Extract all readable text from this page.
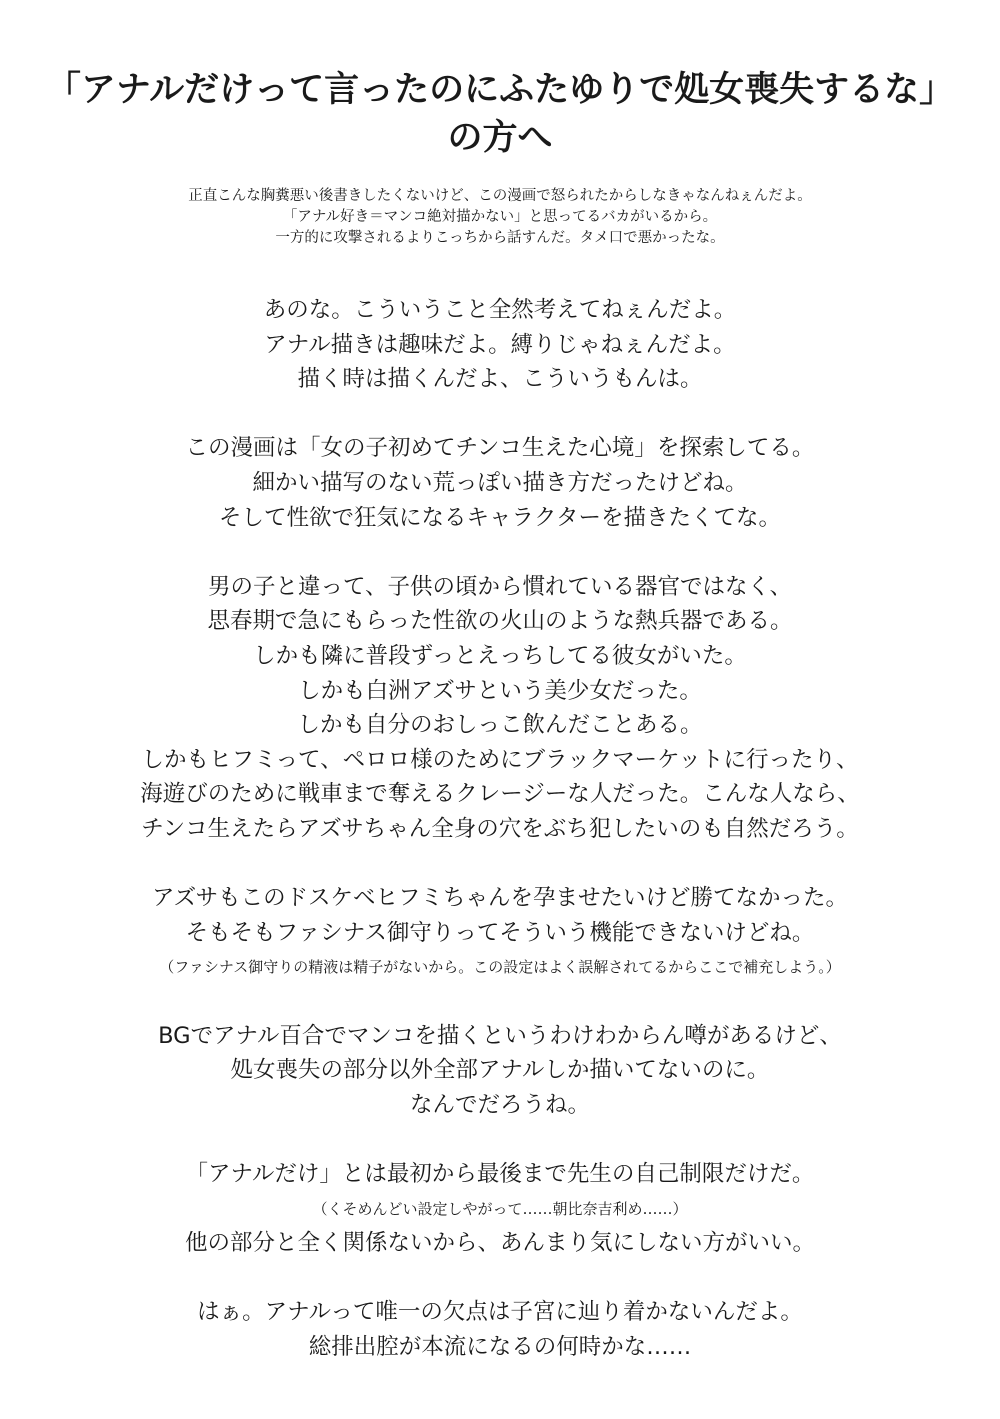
「アナルだけって言ったのにふたゆりで処女喪失するな」
の方へ
正直こんな胸糞悪い後書きしたくないけど、この漫画で怒られたからしなきゃなんねぇんだよ。
「アナル好き＝マンコ絶対描かない」と思ってるバカがいるから。
一方的に攻撃されるよりこっちから話すんだ。タメ口で悪かったな。

あのな。こういうこと全然考えてねぇんだよ。
アナル描きは趣味だよ。縛りじゃねぇんだよ。
描く時は描くんだよ、こういうもんは。

この漫画は「女の子初めてチンコ生えた心境」を探索してる。
細かい描写のない荒っぽい描き方だったけどね。
そして性欲で狂気になるキャラクターを描きたくてな。

男の子と違って、子供の頃から慣れている器官ではなく、
思春期で急にもらった性欲の火山のような熱兵器である。
しかも隣に普段ずっとえっちしてる彼女がいた。
しかも白洲アズサという美少女だった。
しかも自分のおしっこ飲んだことある。
しかもヒフミって、ペロロ様のためにブラックマーケットに行ったり、
海遊びのために戦車まで奪えるクレージーな人だった。こんな人なら、
チンコ生えたらアズサちゃん全身の穴をぶち犯したいのも自然だろう。

アズサもこのドスケベヒフミちゃんを孕ませたいけど勝てなかった。
そもそもファシナス御守りってそういう機能できないけどね。
（ファシナス御守りの精液は精子がないから。この設定はよく誤解されてるからここで補充しよう。）

BGでアナル百合でマンコを描くというわけわからん噂があるけど、
処女喪失の部分以外全部アナルしか描いてないのに。
なんでだろうね。

「アナルだけ」とは最初から最後まで先生の自己制限だけだ。
（くそめんどい設定しやがって……朝比奈吉利め……）
他の部分と全く関係ないから、あんまり気にしない方がいい。

はぁ。アナルって唯一の欠点は子宮に辿り着かないんだよ。
総排出腔が本流になるの何時かな……
